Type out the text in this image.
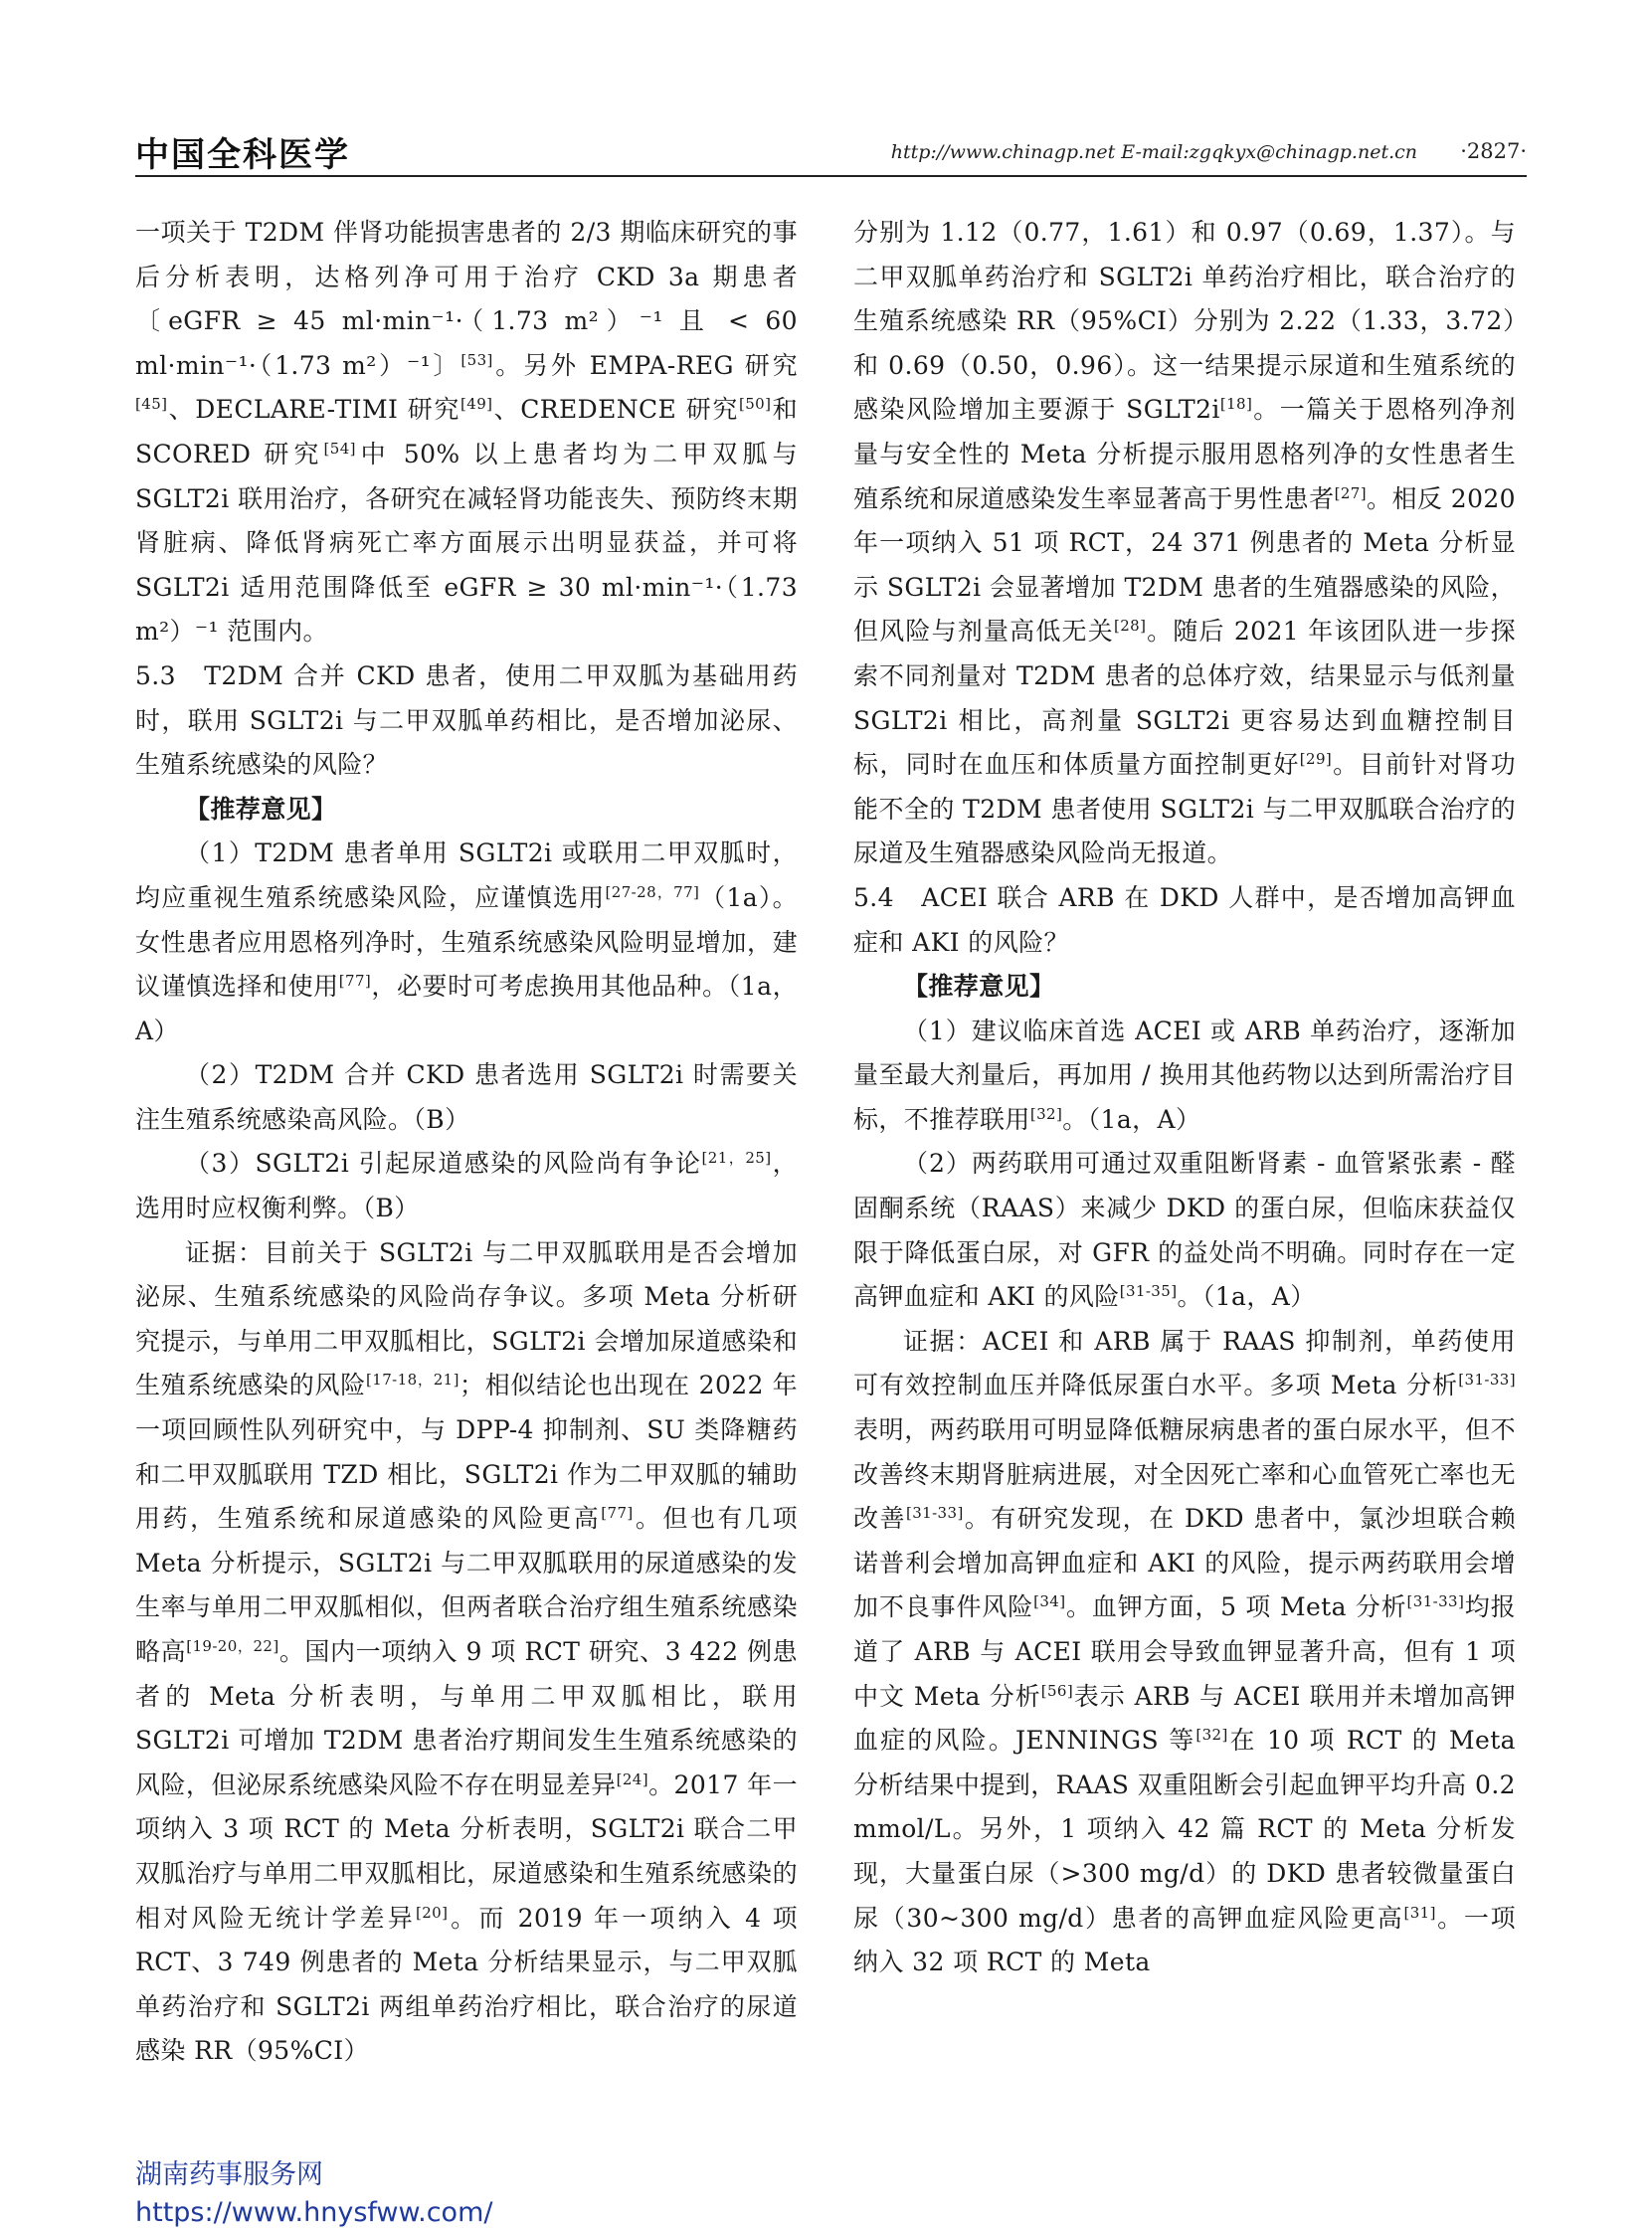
中国全科医学	http://www.chinagp.net E-mail:zgqkyx@chinagp.net.cn ·2827·

一项关于 T2DM 伴肾功能损害患者的 2/3 期临床研究的事后分析表明，达格列净可用于治疗 CKD 3a 期患者〔eGFR ≥ 45 ml·min⁻¹·（1.73 m²）⁻¹ 且 < 60 ml·min⁻¹·（1.73 m²）⁻¹〕[53]。另外 EMPA-REG 研究[45]、DECLARE-TIMI 研究[49]、CREDENCE 研究[50]和 SCORED 研究[54]中 50% 以上患者均为二甲双胍与 SGLT2i 联用治疗，各研究在减轻肾功能丧失、预防终末期肾脏病、降低肾病死亡率方面展示出明显获益，并可将 SGLT2i 适用范围降低至 eGFR ≥ 30 ml·min⁻¹·（1.73 m²）⁻¹ 范围内。

5.3　T2DM 合并 CKD 患者，使用二甲双胍为基础用药时，联用 SGLT2i 与二甲双胍单药相比，是否增加泌尿、生殖系统感染的风险？

【推荐意见】

（1）T2DM 患者单用 SGLT2i 或联用二甲双胍时，均应重视生殖系统感染风险，应谨慎选用[27-28，77]（1a）。女性患者应用恩格列净时，生殖系统感染风险明显增加，建议谨慎选择和使用[77]，必要时可考虑换用其他品种。（1a，A）

（2）T2DM 合并 CKD 患者选用 SGLT2i 时需要关注生殖系统感染高风险。（B）

（3）SGLT2i 引起尿道感染的风险尚有争论[21，25]，选用时应权衡利弊。（B）

证据：目前关于 SGLT2i 与二甲双胍联用是否会增加泌尿、生殖系统感染的风险尚存争议。多项 Meta 分析研究提示，与单用二甲双胍相比，SGLT2i 会增加尿道感染和生殖系统感染的风险[17-18，21]；相似结论也出现在 2022 年一项回顾性队列研究中，与 DPP-4 抑制剂、SU 类降糖药和二甲双胍联用 TZD 相比，SGLT2i 作为二甲双胍的辅助用药，生殖系统和尿道感染的风险更高[77]。但也有几项 Meta 分析提示，SGLT2i 与二甲双胍联用的尿道感染的发生率与单用二甲双胍相似，但两者联合治疗组生殖系统感染略高[19-20，22]。国内一项纳入 9 项 RCT 研究、3 422 例患者的 Meta 分析表明，与单用二甲双胍相比，联用 SGLT2i 可增加 T2DM 患者治疗期间发生生殖系统感染的风险，但泌尿系统感染风险不存在明显差异[24]。2017 年一项纳入 3 项 RCT 的 Meta 分析表明，SGLT2i 联合二甲双胍治疗与单用二甲双胍相比，尿道感染和生殖系统感染的相对风险无统计学差异[20]。而 2019 年一项纳入 4 项 RCT、3 749 例患者的 Meta 分析结果显示，与二甲双胍单药治疗和 SGLT2i 两组单药治疗相比，联合治疗的尿道感染 RR（95%CI）

分别为 1.12（0.77，1.61）和 0.97（0.69，1.37）。与二甲双胍单药治疗和 SGLT2i 单药治疗相比，联合治疗的生殖系统感染 RR（95%CI）分别为 2.22（1.33，3.72）和 0.69（0.50，0.96）。这一结果提示尿道和生殖系统的感染风险增加主要源于 SGLT2i[18]。一篇关于恩格列净剂量与安全性的 Meta 分析提示服用恩格列净的女性患者生殖系统和尿道感染发生率显著高于男性患者[27]。相反 2020 年一项纳入 51 项 RCT，24 371 例患者的 Meta 分析显示 SGLT2i 会显著增加 T2DM 患者的生殖器感染的风险，但风险与剂量高低无关[28]。随后 2021 年该团队进一步探索不同剂量对 T2DM 患者的总体疗效，结果显示与低剂量 SGLT2i 相比，高剂量 SGLT2i 更容易达到血糖控制目标，同时在血压和体质量方面控制更好[29]。目前针对肾功能不全的 T2DM 患者使用 SGLT2i 与二甲双胍联合治疗的尿道及生殖器感染风险尚无报道。

5.4　ACEI 联合 ARB 在 DKD 人群中，是否增加高钾血症和 AKI 的风险？

【推荐意见】

（1）建议临床首选 ACEI 或 ARB 单药治疗，逐渐加量至最大剂量后，再加用 / 换用其他药物以达到所需治疗目标，不推荐联用[32]。（1a，A）

（2）两药联用可通过双重阻断肾素 - 血管紧张素 - 醛固酮系统（RAAS）来减少 DKD 的蛋白尿，但临床获益仅限于降低蛋白尿，对 GFR 的益处尚不明确。同时存在一定高钾血症和 AKI 的风险[31-35]。（1a，A）

证据：ACEI 和 ARB 属于 RAAS 抑制剂，单药使用可有效控制血压并降低尿蛋白水平。多项 Meta 分析[31-33]表明，两药联用可明显降低糖尿病患者的蛋白尿水平，但不改善终末期肾脏病进展，对全因死亡率和心血管死亡率也无改善[31-33]。有研究发现，在 DKD 患者中，氯沙坦联合赖诺普利会增加高钾血症和 AKI 的风险，提示两药联用会增加不良事件风险[34]。血钾方面，5 项 Meta 分析[31-33]均报道了 ARB 与 ACEI 联用会导致血钾显著升高，但有 1 项中文 Meta 分析[56]表示 ARB 与 ACEI 联用并未增加高钾血症的风险。JENNINGS 等[32]在 10 项 RCT 的 Meta 分析结果中提到，RAAS 双重阻断会引起血钾平均升高 0.2 mmol/L。另外，1 项纳入 42 篇 RCT 的 Meta 分析发现，大量蛋白尿（>300 mg/d）的 DKD 患者较微量蛋白尿（30~300 mg/d）患者的高钾血症风险更高[31]。一项纳入 32 项 RCT 的 Meta

湖南药事服务网
https://www.hnysfww.com/
